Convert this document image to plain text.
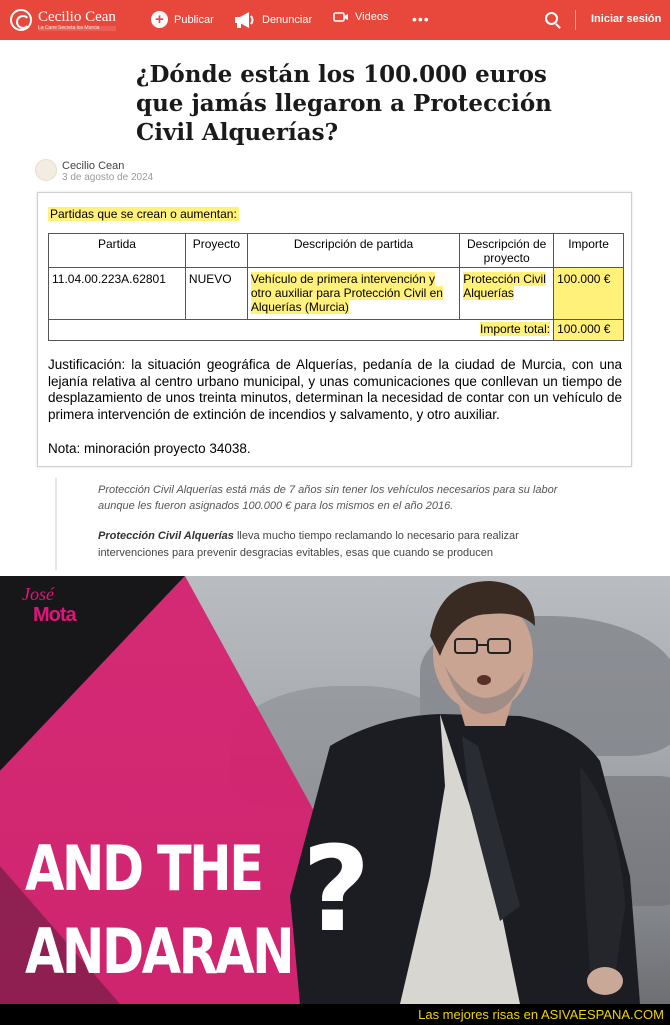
Cecilio Cean
La Cami Secreta los Murcia	+ Publicar	Denunciar	Videos •••	Iniciar sesión
¿Dónde están los 100.000 euros que jamás llegaron a Protección Civil Alquerías?
Cecilio Cean
3 de agosto de 2024
Partidas que se crean o aumentan:
Partida	Proyecto	Descripción de partida	Descripción de proyecto	Importe
11.04.00.223A.62801	NUEVO	Vehículo de primera intervención y otro auxiliar para Protección Civil en Alquerías (Murcia)	Protección Civil Alquerías	100.000 €
Importe total:				100.000 €

Justificación: la situación geográfica de Alquerías, pedanía de la ciudad de Murcia, con una lejanía relativa al centro urbano municipal, y unas comunicaciones que conllevan un tiempo de desplazamiento de unos treinta minutos, determinan la necesidad de contar con un vehículo de primera intervención de extinción de incendios y salvamento, y otro auxiliar.

Nota: minoración proyecto 34038.

Protección Civil Alquerías está más de 7 años sin tener los vehículos necesarios para su labor aunque les fueron asignados 100.000 € para los mismos en el año 2016.

Protección Civil Alquerías lleva mucho tiempo reclamando lo necesario para realizar intervenciones para prevenir desgracias evitables, esas que cuando se producen

José
Mota
AND THE
ANDARAN ?
Las mejores risas en ASIVAESPANA.COM
